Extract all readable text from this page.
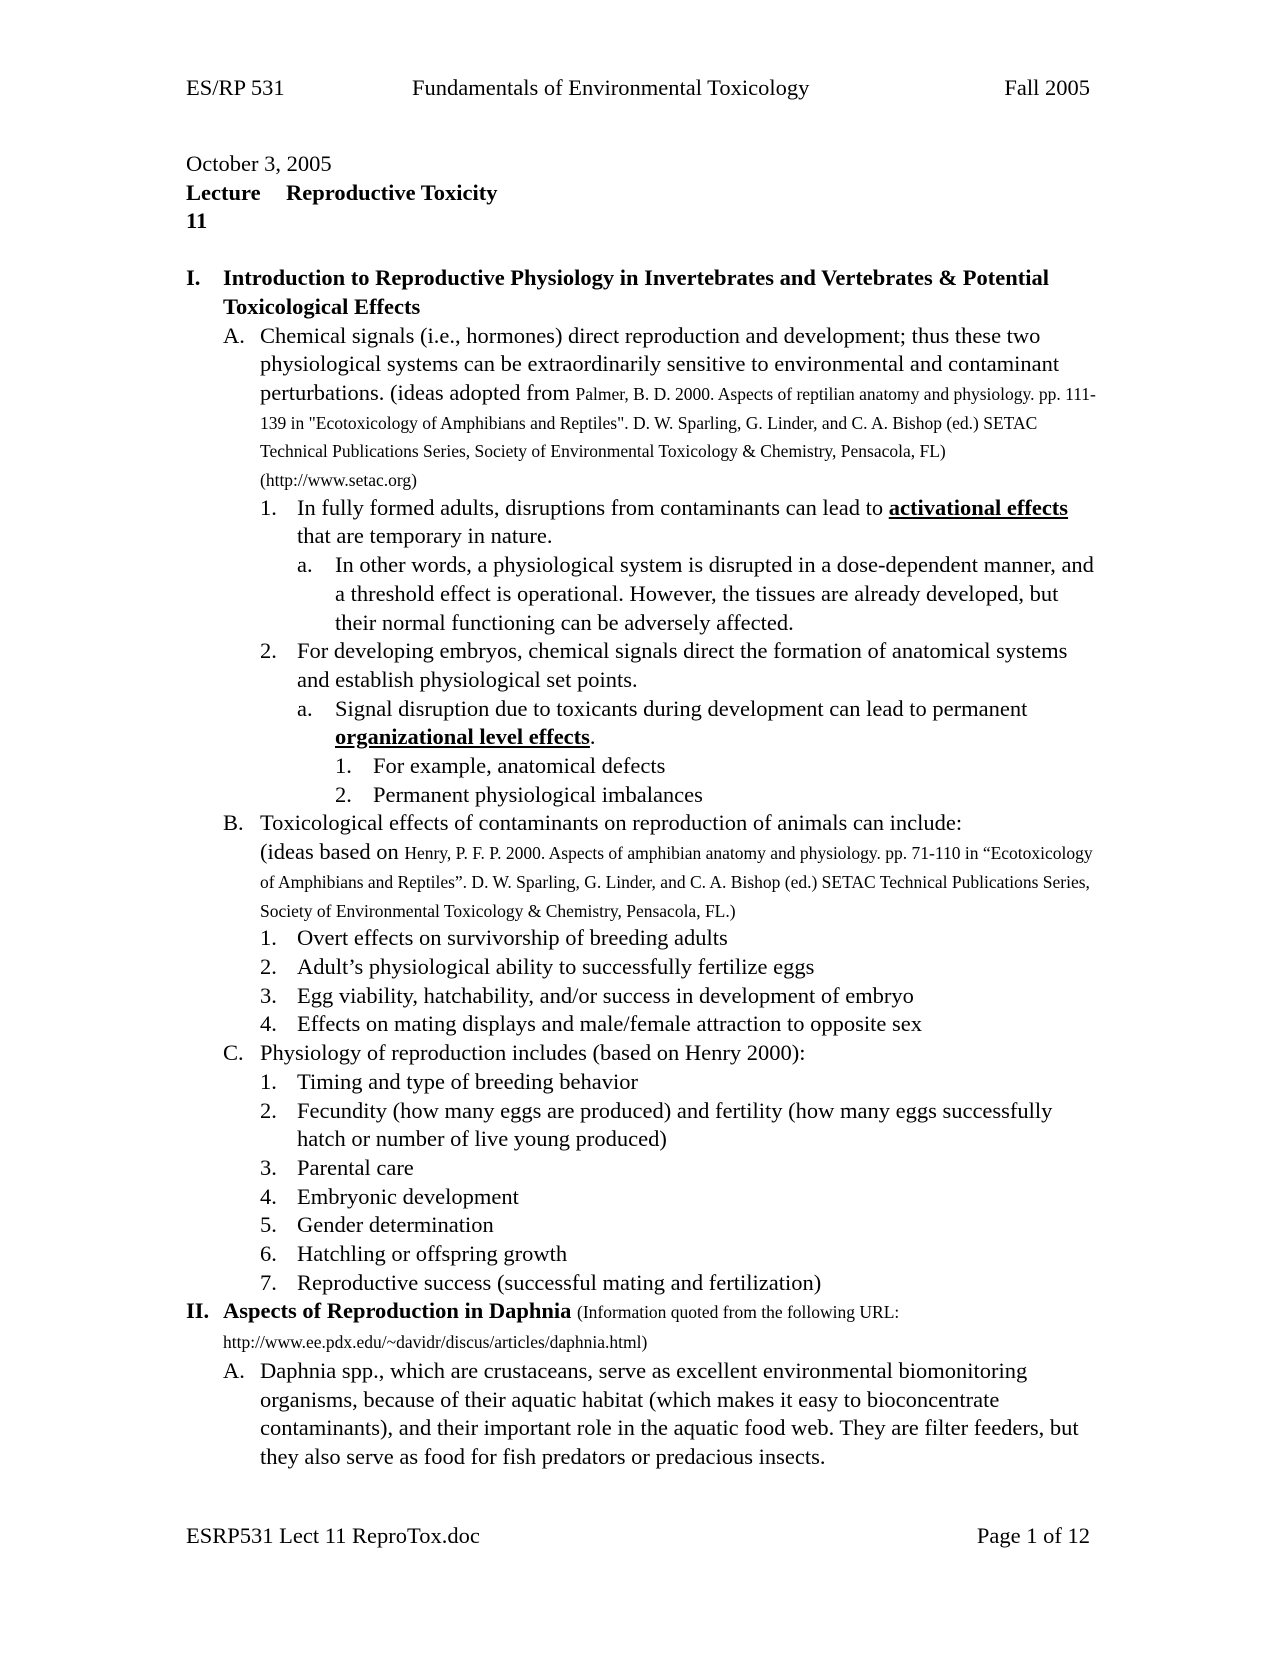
ES/RP 531	Fundamentals of Environmental Toxicology	Fall 2005

October 3, 2005

Lecture 11
Reproductive Toxicity
I.	Introduction to Reproductive Physiology in Invertebrates and Vertebrates & Potential Toxicological Effects
A. Chemical signals (i.e., hormones) direct reproduction and development; thus these two physiological systems can be extraordinarily sensitive to environmental and contaminant perturbations. (ideas adopted from Palmer, B. D. 2000. Aspects of reptilian anatomy and physiology. pp. 111-139 in "Ecotoxicology of Amphibians and Reptiles". D. W. Sparling, G. Linder, and C. A. Bishop (ed.) SETAC Technical Publications Series, Society of Environmental Toxicology & Chemistry, Pensacola, FL) (http://www.setac.org)
1. In fully formed adults, disruptions from contaminants can lead to activational effects that are temporary in nature.
a. In other words, a physiological system is disrupted in a dose-dependent manner, and a threshold effect is operational. However, the tissues are already developed, but their normal functioning can be adversely affected.
2. For developing embryos, chemical signals direct the formation of anatomical systems and establish physiological set points.
a. Signal disruption due to toxicants during development can lead to permanent organizational level effects.
1. For example, anatomical defects
2. Permanent physiological imbalances
B. Toxicological effects of contaminants on reproduction of animals can include:
(ideas based on Henry, P. F. P. 2000. Aspects of amphibian anatomy and physiology. pp. 71-110 in “Ecotoxicology of Amphibians and Reptiles”. D. W. Sparling, G. Linder, and C. A. Bishop (ed.) SETAC Technical Publications Series, Society of Environmental Toxicology & Chemistry, Pensacola, FL.)
1. Overt effects on survivorship of breeding adults
2. Adult’s physiological ability to successfully fertilize eggs
3. Egg viability, hatchability, and/or success in development of embryo
4. Effects on mating displays and male/female attraction to opposite sex
C. Physiology of reproduction includes (based on Henry 2000):
1. Timing and type of breeding behavior
2. Fecundity (how many eggs are produced) and fertility (how many eggs successfully hatch or number of live young produced)
3. Parental care
4. Embryonic development
5. Gender determination
6. Hatchling or offspring growth
7. Reproductive success (successful mating and fertilization)
II. Aspects of Reproduction in Daphnia (Information quoted from the following URL: http://www.ee.pdx.edu/~davidr/discus/articles/daphnia.html)
A. Daphnia spp., which are crustaceans, serve as excellent environmental biomonitoring organisms, because of their aquatic habitat (which makes it easy to bioconcentrate contaminants), and their important role in the aquatic food web. They are filter feeders, but they also serve as food for fish predators or predacious insects.
ESRP531 Lect 11 ReproTox.doc	Page 1 of 12
